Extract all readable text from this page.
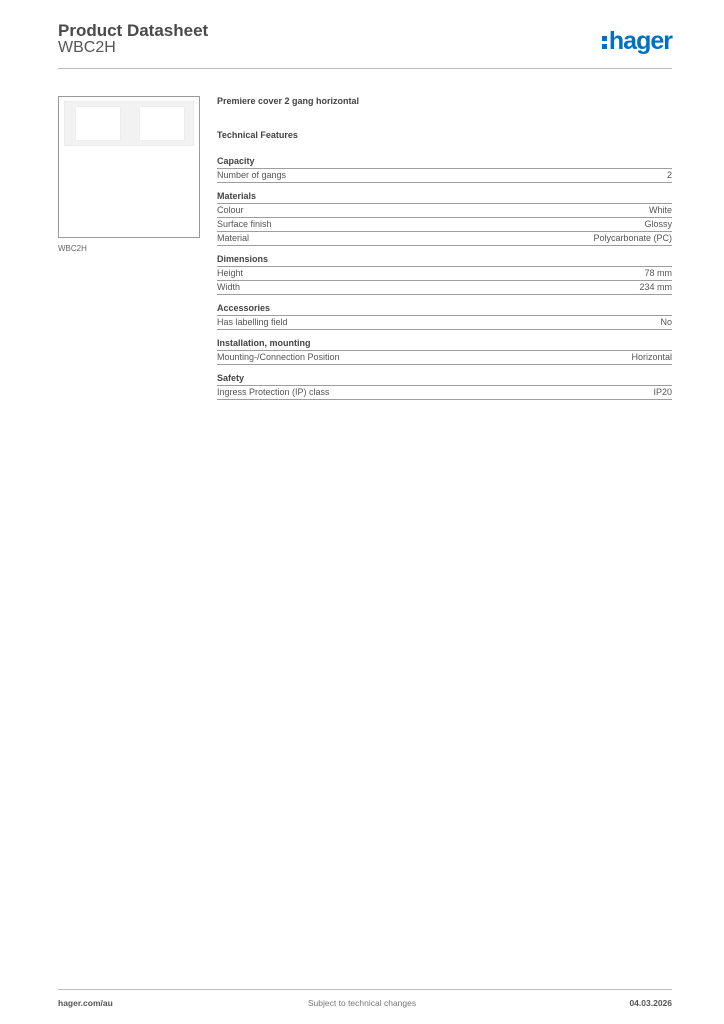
Product Datasheet
WBC2H	hager
WBC2H
Premiere cover 2 gang horizontal
Technical Features
Capacity
Number of gangs	2
Materials
Colour	White
Surface finish	Glossy
Material	Polycarbonate (PC)
Dimensions
Height	78 mm
Width	234 mm
Accessories
Has labelling field	No
Installation, mounting
Mounting-/Connection Position	Horizontal
Safety
Ingress Protection (IP) class	IP20
hager.com/au	Subject to technical changes	04.03.2026
